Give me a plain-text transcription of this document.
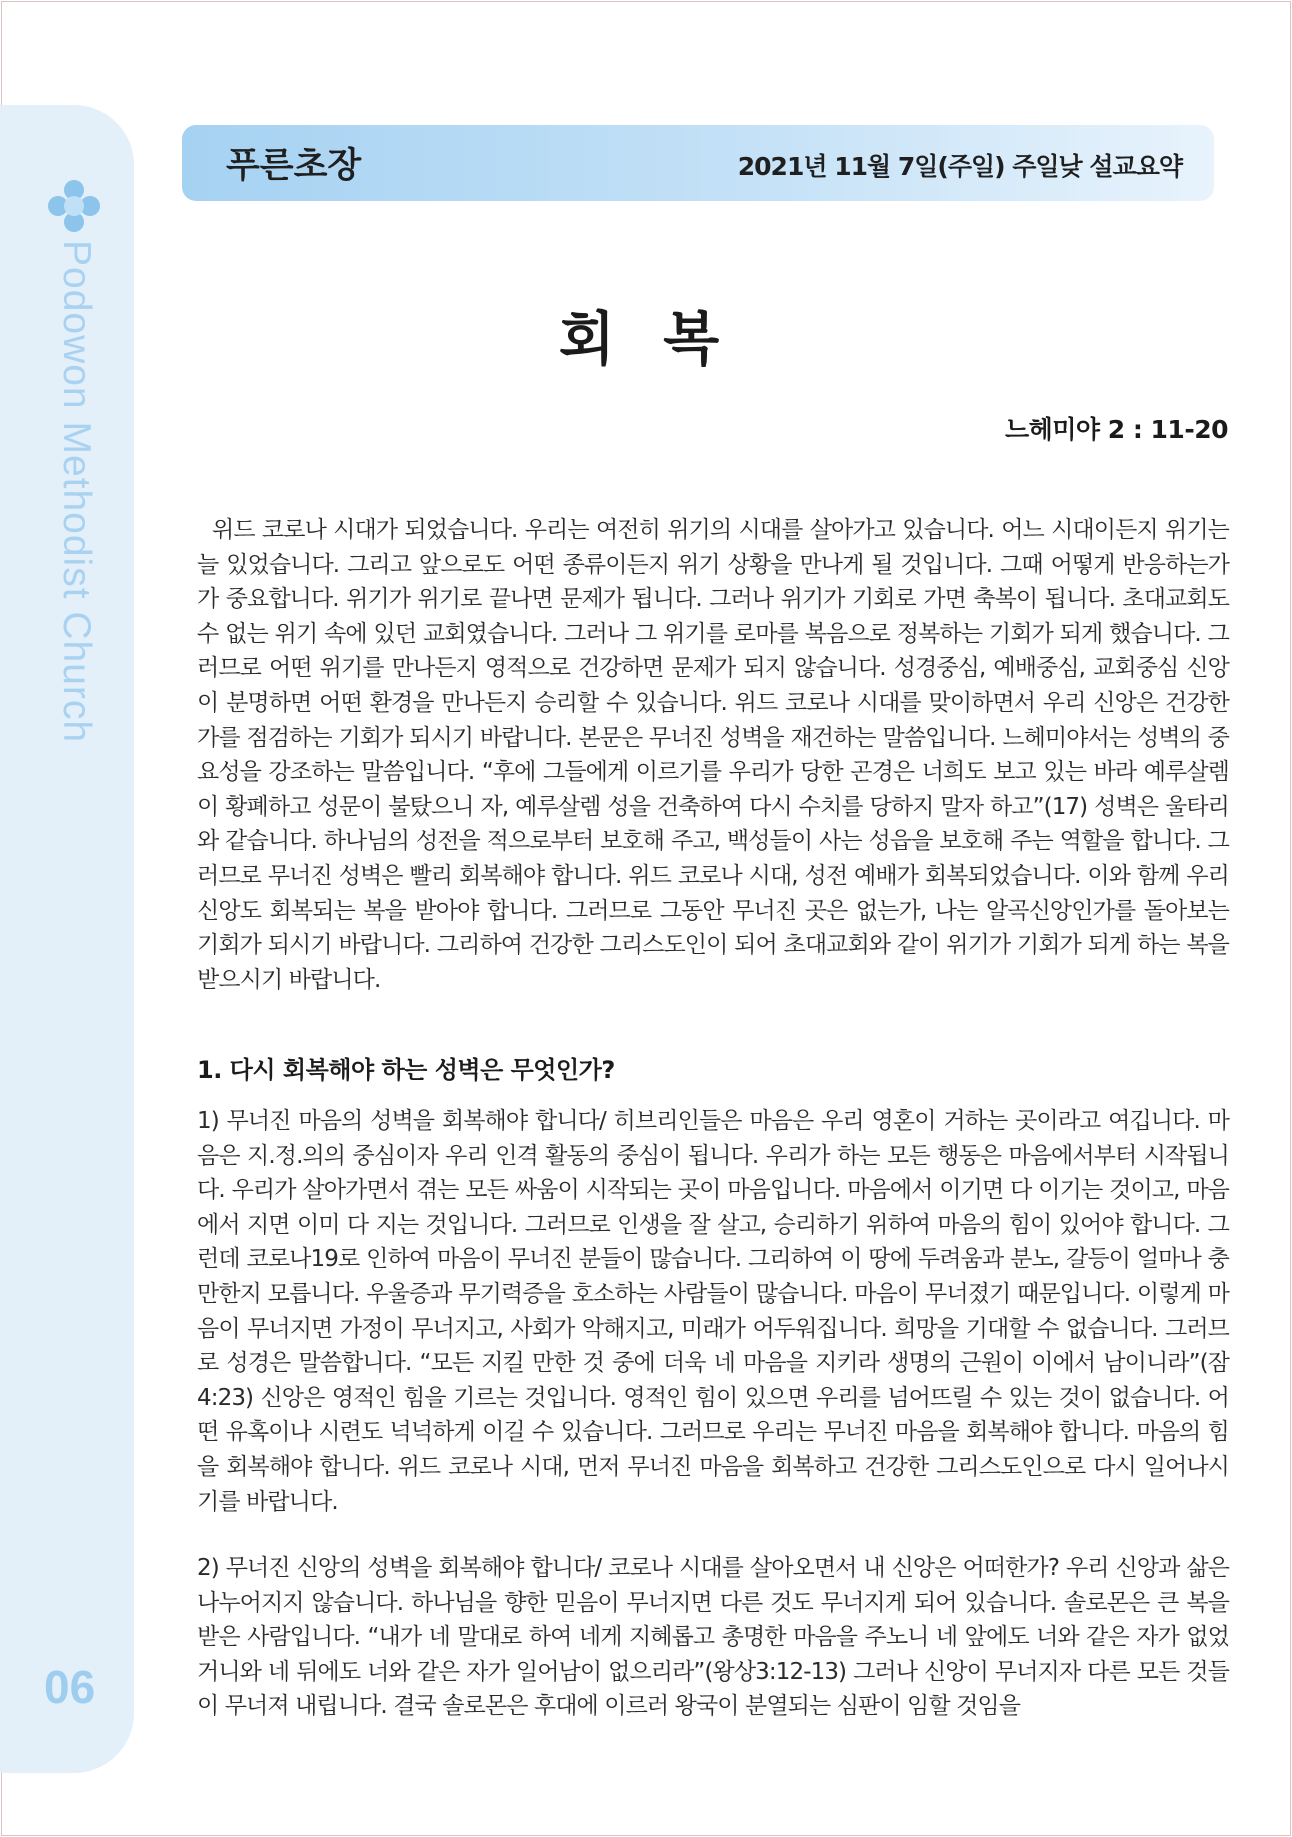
Podowon Methodist Church
06
푸른초장	2021년 11월 7일(주일) 주일낮 설교요약
회 복
느헤미야 2 : 11-20
위드 코로나 시대가 되었습니다. 우리는 여전히 위기의 시대를 살아가고 있습니다. 어느 시대이든지 위기는 늘 있었습니다. 그리고 앞으로도 어떤 종류이든지 위기 상황을 만나게 될 것입니다. 그때 어떻게 반응하는가가 중요합니다. 위기가 위기로 끝나면 문제가 됩니다. 그러나 위기가 기회로 가면 축복이 됩니다. 초대교회도 수 없는 위기 속에 있던 교회였습니다. 그러나 그 위기를 로마를 복음으로 정복하는 기회가 되게 했습니다. 그러므로 어떤 위기를 만나든지 영적으로 건강하면 문제가 되지 않습니다. 성경중심, 예배중심, 교회중심 신앙이 분명하면 어떤 환경을 만나든지 승리할 수 있습니다. 위드 코로나 시대를 맞이하면서 우리 신앙은 건강한가를 점검하는 기회가 되시기 바랍니다. 본문은 무너진 성벽을 재건하는 말씀입니다. 느헤미야서는 성벽의 중요성을 강조하는 말씀입니다. “후에 그들에게 이르기를 우리가 당한 곤경은 너희도 보고 있는 바라 예루살렘이 황폐하고 성문이 불탔으니 자, 예루살렘 성을 건축하여 다시 수치를 당하지 말자 하고”(17) 성벽은 울타리와 같습니다. 하나님의 성전을 적으로부터 보호해 주고, 백성들이 사는 성읍을 보호해 주는 역할을 합니다. 그러므로 무너진 성벽은 빨리 회복해야 합니다. 위드 코로나 시대, 성전 예배가 회복되었습니다. 이와 함께 우리 신앙도 회복되는 복을 받아야 합니다. 그러므로 그동안 무너진 곳은 없는가, 나는 알곡신앙인가를 돌아보는 기회가 되시기 바랍니다. 그리하여 건강한 그리스도인이 되어 초대교회와 같이 위기가 기회가 되게 하는 복을 받으시기 바랍니다.
1. 다시 회복해야 하는 성벽은 무엇인가?
1) 무너진 마음의 성벽을 회복해야 합니다/ 히브리인들은 마음은 우리 영혼이 거하는 곳이라고 여깁니다. 마음은 지.정.의의 중심이자 우리 인격 활동의 중심이 됩니다. 우리가 하는 모든 행동은 마음에서부터 시작됩니다. 우리가 살아가면서 겪는 모든 싸움이 시작되는 곳이 마음입니다. 마음에서 이기면 다 이기는 것이고, 마음에서 지면 이미 다 지는 것입니다. 그러므로 인생을 잘 살고, 승리하기 위하여 마음의 힘이 있어야 합니다. 그런데 코로나19로 인하여 마음이 무너진 분들이 많습니다. 그리하여 이 땅에 두려움과 분노, 갈등이 얼마나 충만한지 모릅니다. 우울증과 무기력증을 호소하는 사람들이 많습니다. 마음이 무너졌기 때문입니다. 이렇게 마음이 무너지면 가정이 무너지고, 사회가 악해지고, 미래가 어두워집니다. 희망을 기대할 수 없습니다. 그러므로 성경은 말씀합니다. “모든 지킬 만한 것 중에 더욱 네 마음을 지키라 생명의 근원이 이에서 남이니라”(잠4:23) 신앙은 영적인 힘을 기르는 것입니다. 영적인 힘이 있으면 우리를 넘어뜨릴 수 있는 것이 없습니다. 어떤 유혹이나 시련도 넉넉하게 이길 수 있습니다. 그러므로 우리는 무너진 마음을 회복해야 합니다. 마음의 힘을 회복해야 합니다. 위드 코로나 시대, 먼저 무너진 마음을 회복하고 건강한 그리스도인으로 다시 일어나시기를 바랍니다.
2) 무너진 신앙의 성벽을 회복해야 합니다/ 코로나 시대를 살아오면서 내 신앙은 어떠한가? 우리 신앙과 삶은 나누어지지 않습니다. 하나님을 향한 믿음이 무너지면 다른 것도 무너지게 되어 있습니다. 솔로몬은 큰 복을 받은 사람입니다. “내가 네 말대로 하여 네게 지혜롭고 총명한 마음을 주노니 네 앞에도 너와 같은 자가 없었거니와 네 뒤에도 너와 같은 자가 일어남이 없으리라”(왕상3:12-13) 그러나 신앙이 무너지자 다른 모든 것들이 무너져 내립니다. 결국 솔로몬은 후대에 이르러 왕국이 분열되는 심판이 임할 것임을
